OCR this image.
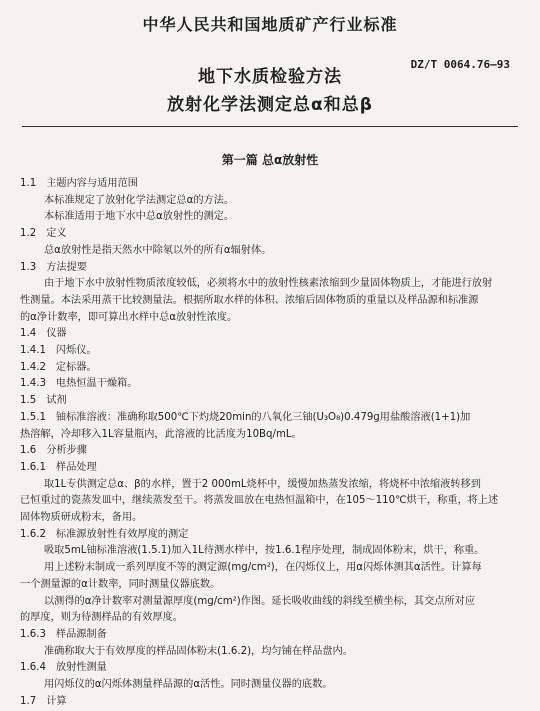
中华人民共和国地质矿产行业标准
DZ/T 0064.76—93
地下水质检验方法
放射化学法测定总α和总β
第一篇 总α放射性
1.1 主题内容与适用范围
本标准规定了放射化学法测定总α的方法。
本标准适用于地下水中总α放射性的测定。
1.2 定义
总α放射性是指天然水中除氡以外的所有α辐射体。
1.3 方法提要
由于地下水中放射性物质浓度较低，必须将水中的放射性核素浓缩到少量固体物质上，才能进行放射
性测量。本法采用蒸干比较测量法。根据所取水样的体积、浓缩后固体物质的重量以及样品源和标准源
的α净计数率，即可算出水样中总α放射性浓度。
1.4 仪器
1.4.1 闪烁仪。
1.4.2 定标器。
1.4.3 电热恒温干燥箱。
1.5 试剂
1.5.1 铀标准溶液：准确称取500℃下灼烧20min的八氧化三铀(U₃O₈)0.479g用盐酸溶液(1+1)加
热溶解，冷却移入1L容量瓶内，此溶液的比活度为10Bq/mL。
1.6 分析步骤
1.6.1 样品处理
取1L专供测定总α、β的水样，置于2 000mL烧杯中，缓慢加热蒸发浓缩，将烧杯中浓缩液转移到
已恒重过的瓷蒸发皿中，继续蒸发至干。将蒸发皿放在电热恒温箱中，在105～110℃烘干，称重，将上述
固体物质研成粉末，备用。
1.6.2 标准源放射性有效厚度的测定
吸取5mL铀标准溶液(1.5.1)加入1L待测水样中，按1.6.1程序处理，制成固体粉末，烘干，称重。
用上述粉末制成一系列厚度不等的测定源(mg/cm²)，在闪烁仪上，用α闪烁体测其α活性。计算每
一个测量源的α计数率，同时测量仪器底数。
以测得的α净计数率对测量源厚度(mg/cm²)作图。延长吸收曲线的斜线至横坐标，其交点所对应
的厚度，则为待测样品的有效厚度。
1.6.3 样品源制备
准确称取大于有效厚度的样品固体粉末(1.6.2)，均匀铺在样品盘内。
1.6.4 放射性测量
用闪烁仪的α闪烁体测量样品源的α活性。同时测量仪器的底数。
1.7 计算
